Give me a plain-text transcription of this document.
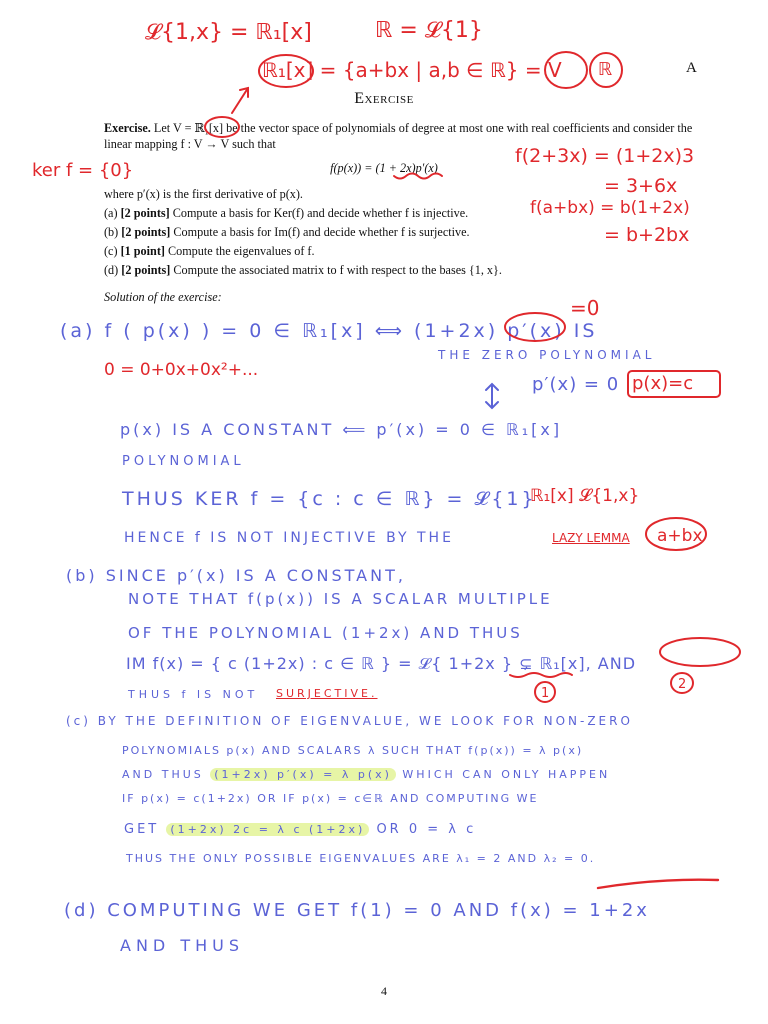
A
Exercise
Exercise. Let V = ℝ₁[x] be the vector space of polynomials of degree at most one with real coefficients and consider the linear mapping f : V → V such that
f(p(x)) = (1 + 2x)p′(x)
where p′(x) is the first derivative of p(x).
(a) [2 points] Compute a basis for Ker(f) and decide whether f is injective.
(b) [2 points] Compute a basis for Im(f) and decide whether f is surjective.
(c) [1 point] Compute the eigenvalues of f.
(d) [2 points] Compute the associated matrix to f with respect to the bases {1, x}.
Solution of the exercise:
4
𝓛{1,x} = ℝ₁[x]	ℝ = 𝓛{1}
ℝ₁[x] = {a+bx | a,b ∈ ℝ} = V ℝ
ker f = {0}
f(2+3x) = (1+2x)3
= 3+6x
f(a+bx) = b(1+2x)
= b+2bx
=0
0 = 0+0x+0x²+...
p(x)=c
ℝ₁[x] 𝓛{1,x}
a+bx
1
2
(a) f ( p(x) ) = 0 ∈ ℝ₁[x] ⟺ (1+2x) p′(x) IS
THE ZERO POLYNOMIAL
p′(x) = 0
p(x) IS A CONSTANT ⟸ p′(x) = 0 ∈ ℝ₁[x]
POLYNOMIAL
THUS KER f = {c : c ∈ ℝ} = 𝓛{1}
HENCE f IS NOT INJECTIVE BY THE	LAZY LEMMA
(b) SINCE p′(x) IS A CONSTANT,
NOTE THAT f(p(x)) IS A SCALAR MULTIPLE
OF THE POLYNOMIAL (1+2x) AND THUS
IM f(x) = { c (1+2x) : c ∈ ℝ } = 𝓛{ 1+2x } ⊊ ℝ₁[x], AND
THUS f IS NOT SURJECTIVE.
(c) BY THE DEFINITION OF EIGENVALUE, WE LOOK FOR NON-ZERO
POLYNOMIALS p(x) AND SCALARS λ SUCH THAT f(p(x)) = λ p(x)
AND THUS (1+2x) p′(x) = λ p(x) WHICH CAN ONLY HAPPEN
IF p(x) = c(1+2x) OR IF p(x) = c∈ℝ AND COMPUTING WE
GET (1+2x) 2c = λ c (1+2x) OR 0 = λ c
THUS THE ONLY POSSIBLE EIGENVALUES ARE λ₁ = 2 AND λ₂ = 0.
(d) COMPUTING WE GET f(1) = 0 AND f(x) = 1+2x
AND THUS
